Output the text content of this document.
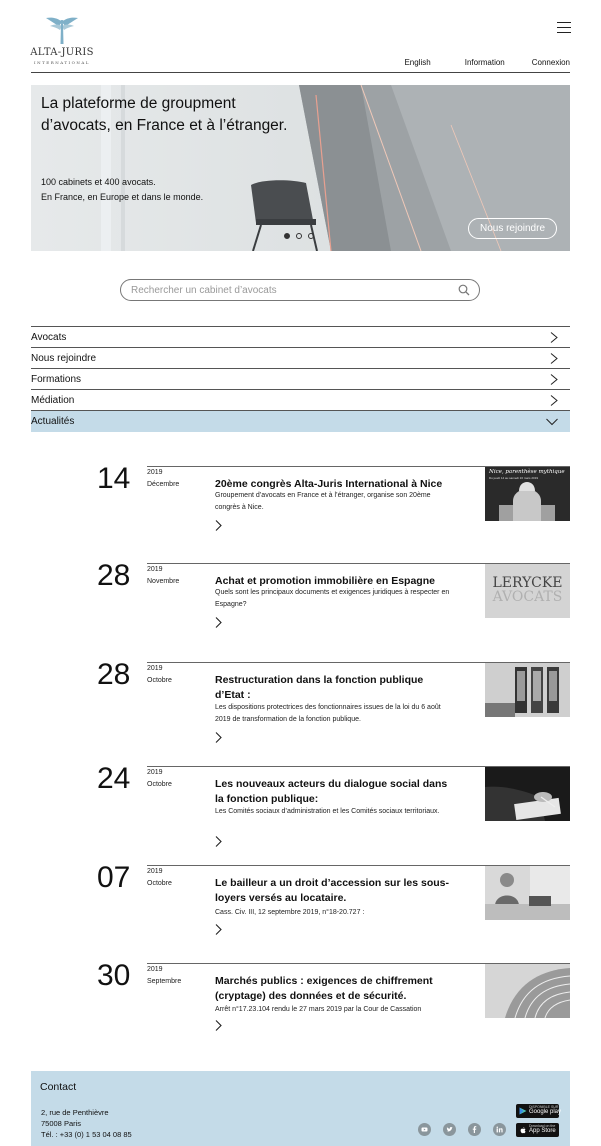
ALTA-JURIS
INTERNATIONAL	English	Information	Connexion
La plateforme de groupment d’avocats, en France et à l’étranger.
100 cabinets et 400 avocats.
En France, en Europe et dans le monde.
Nous rejoindre
Rechercher un cabinet d’avocats
Avocats
Nous rejoindre
Formations
Médiation
Actualités
14	2019
Décembre	20ème congrès Alta-Juris International à Nice
Groupement d’avocats en France et à l’étranger, organise son 20ème congrès à Nice.
Nice, parenthèse mythique
Du jeudi 14 au samedi 16 mars 2019
28	2019
Novembre	Achat et promotion immobilière en Espagne
Quels sont les principaux documents et exigences juridiques à respecter en Espagne?
LERYCKE
AVOCATS
28	2019
Octobre	Restructuration dans la fonction publique d’Etat :
Les dispositions protectrices des fonctionnaires issues de la loi du 6 août 2019 de transformation de la fonction publique.
24	2019
Octobre	Les nouveaux acteurs du dialogue social dans la fonction publique:
Les Comités sociaux d’administration et les Comités sociaux territoriaux.
07	2019
Octobre	Le bailleur a un droit d’accession sur les sous-loyers versés au locataire.
Cass. Civ. III, 12 septembre 2019, n°18-20.727 :
30	2019
Septembre	Marchés publics : exigences de chiffrement (cryptage) des données et de sécurité.
Arrêt n°17.23.104 rendu le 27 mars 2019 par la Cour de Cassation
Contact
2, rue de Penthièvre
75008 Paris
Tél. : +33 (0) 1 53 04 08 85
DISPONIBLE SUR
Google play
Download on the
App Store
